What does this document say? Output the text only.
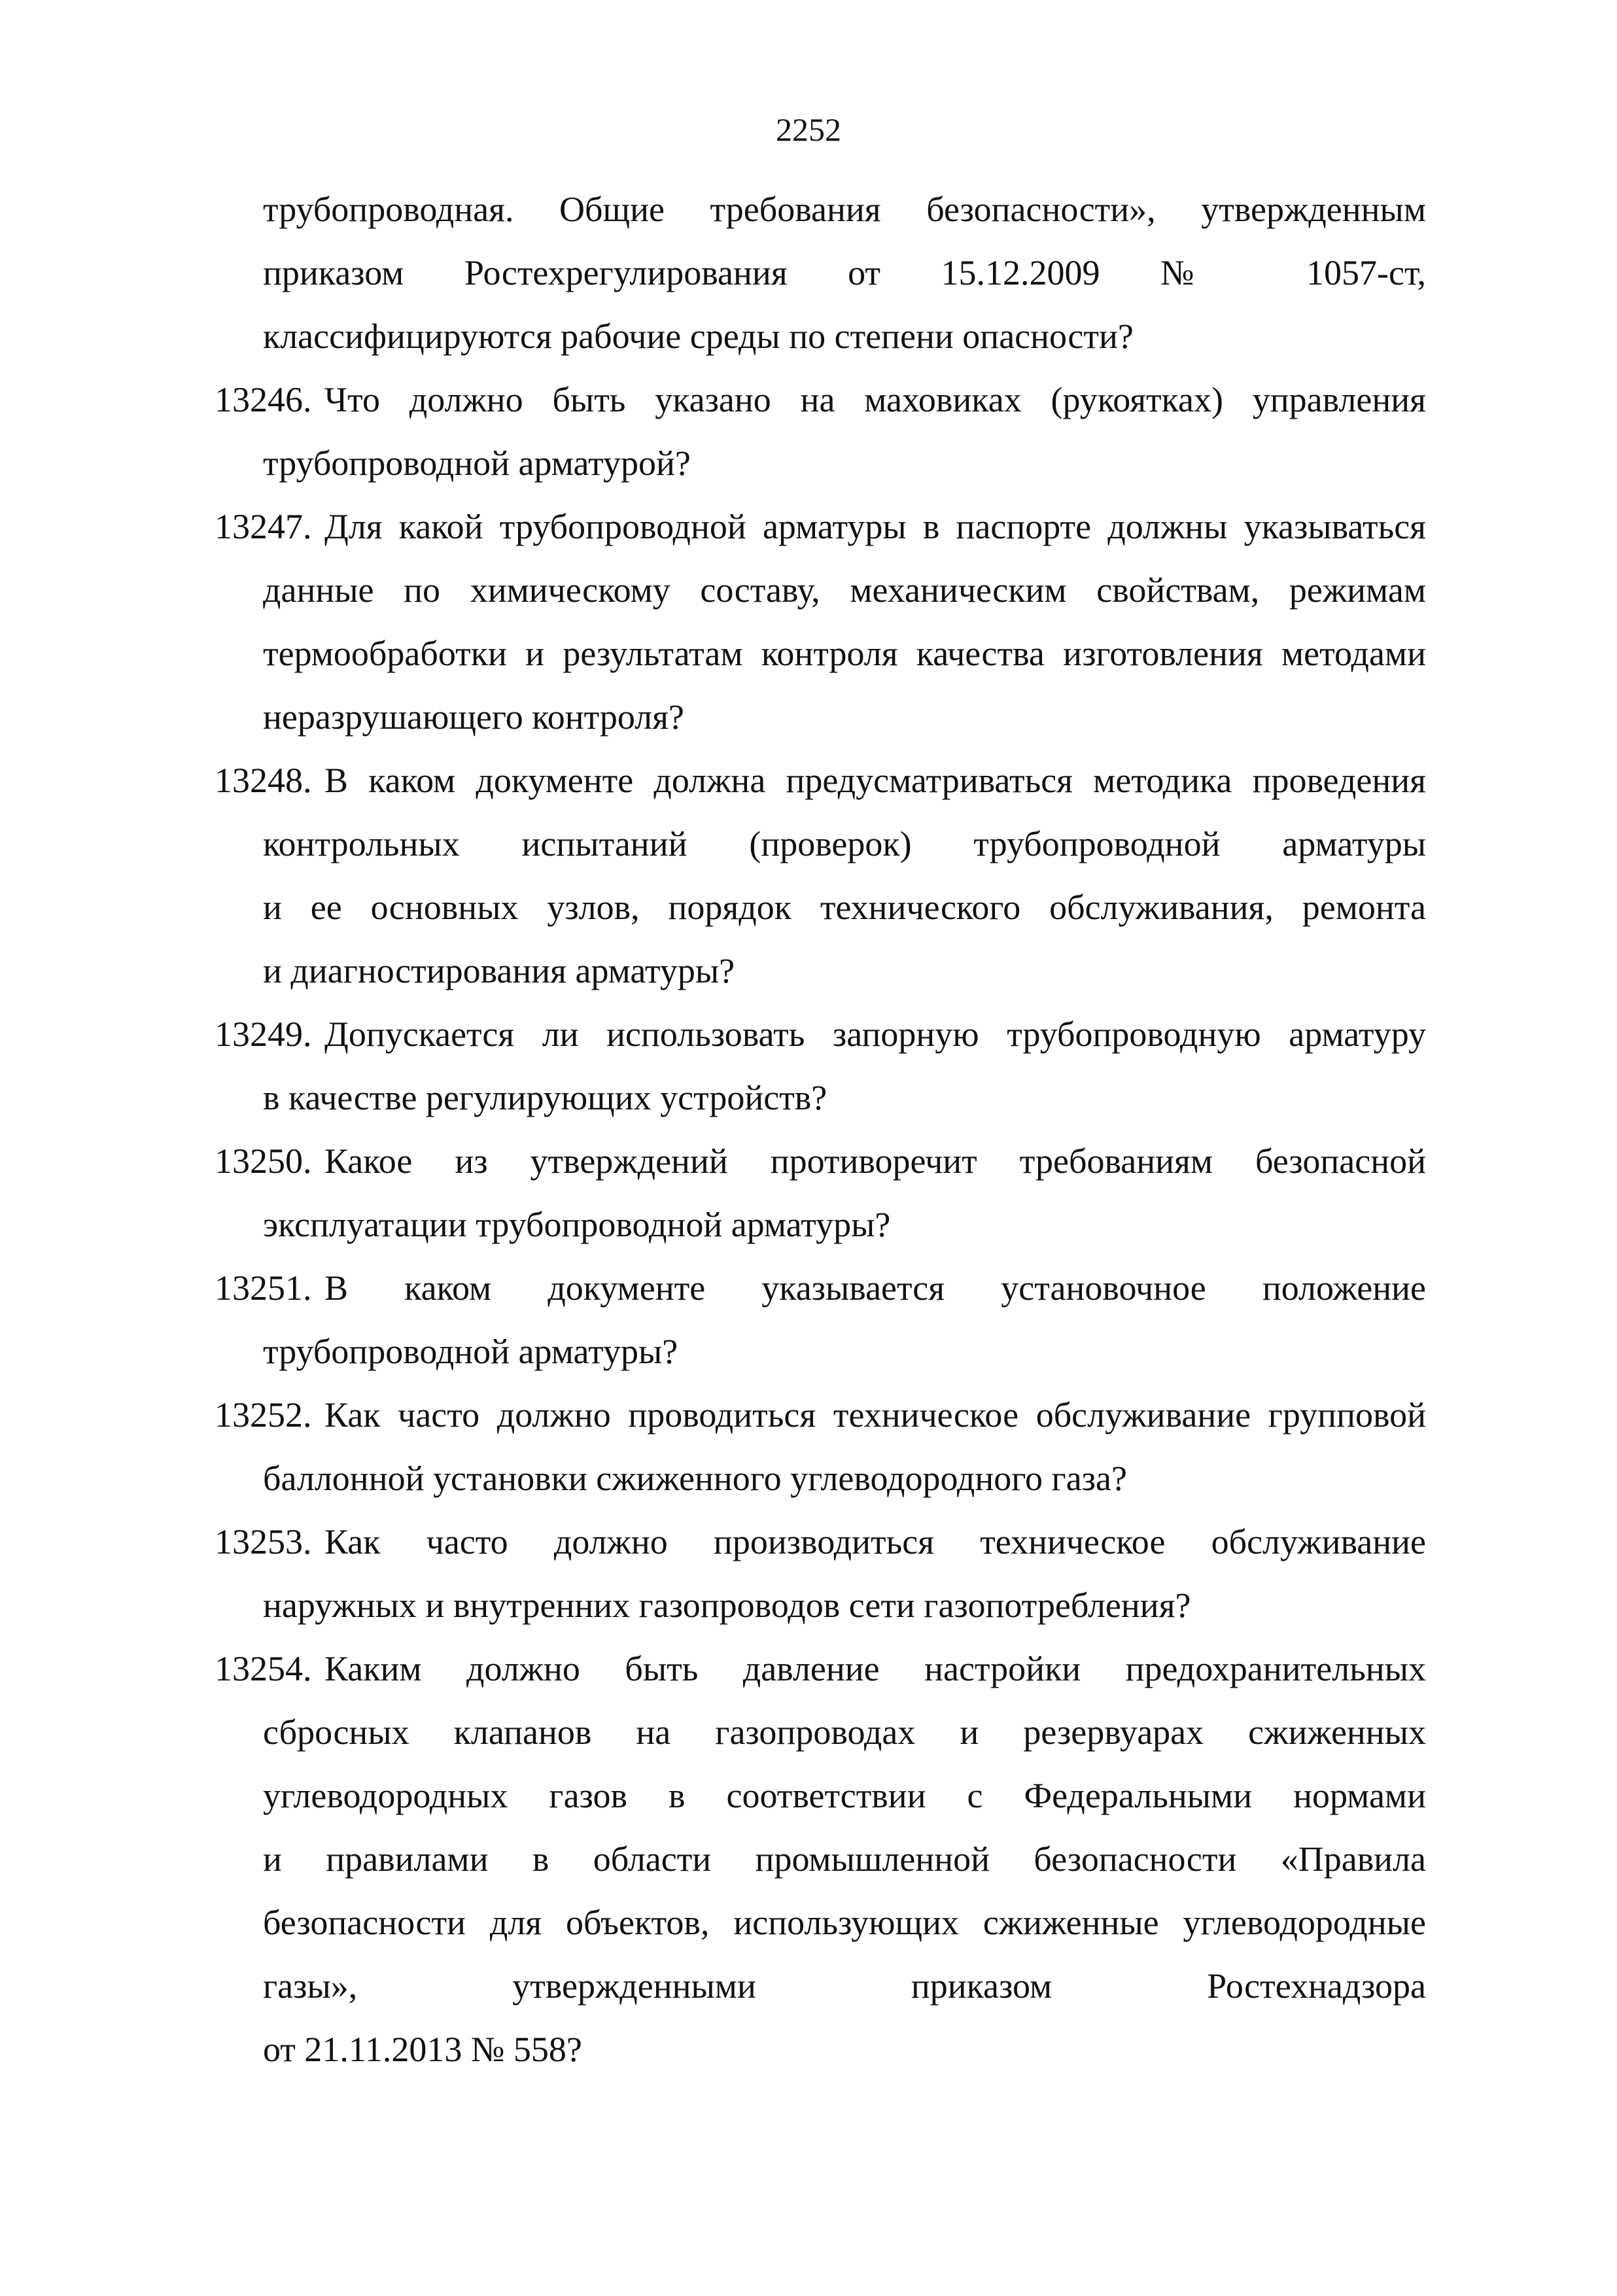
2252
трубопроводная. Общие требования безопасности», утвержденным
приказом Ростехрегулирования от 15.12.2009 № 1057-ст,
классифицируются рабочие среды по степени опасности?
13246. Что должно быть указано на маховиках (рукоятках) управления
трубопроводной арматурой?
13247. Для какой трубопроводной арматуры в паспорте должны указываться
данные по химическому составу, механическим свойствам, режимам
термообработки и результатам контроля качества изготовления методами
неразрушающего контроля?
13248. В каком документе должна предусматриваться методика проведения
контрольных испытаний (проверок) трубопроводной арматуры
и ее основных узлов, порядок технического обслуживания, ремонта
и диагностирования арматуры?
13249. Допускается ли использовать запорную трубопроводную арматуру
в качестве регулирующих устройств?
13250. Какое из утверждений противоречит требованиям безопасной
эксплуатации трубопроводной арматуры?
13251. В каком документе указывается установочное положение
трубопроводной арматуры?
13252. Как часто должно проводиться техническое обслуживание групповой
баллонной установки сжиженного углеводородного газа?
13253. Как часто должно производиться техническое обслуживание
наружных и внутренних газопроводов сети газопотребления?
13254. Каким должно быть давление настройки предохранительных
сбросных клапанов на газопроводах и резервуарах сжиженных
углеводородных газов в соответствии с Федеральными нормами
и правилами в области промышленной безопасности «Правила
безопасности для объектов, использующих сжиженные углеводородные
газы», утвержденными приказом Ростехнадзора
от 21.11.2013 № 558?
